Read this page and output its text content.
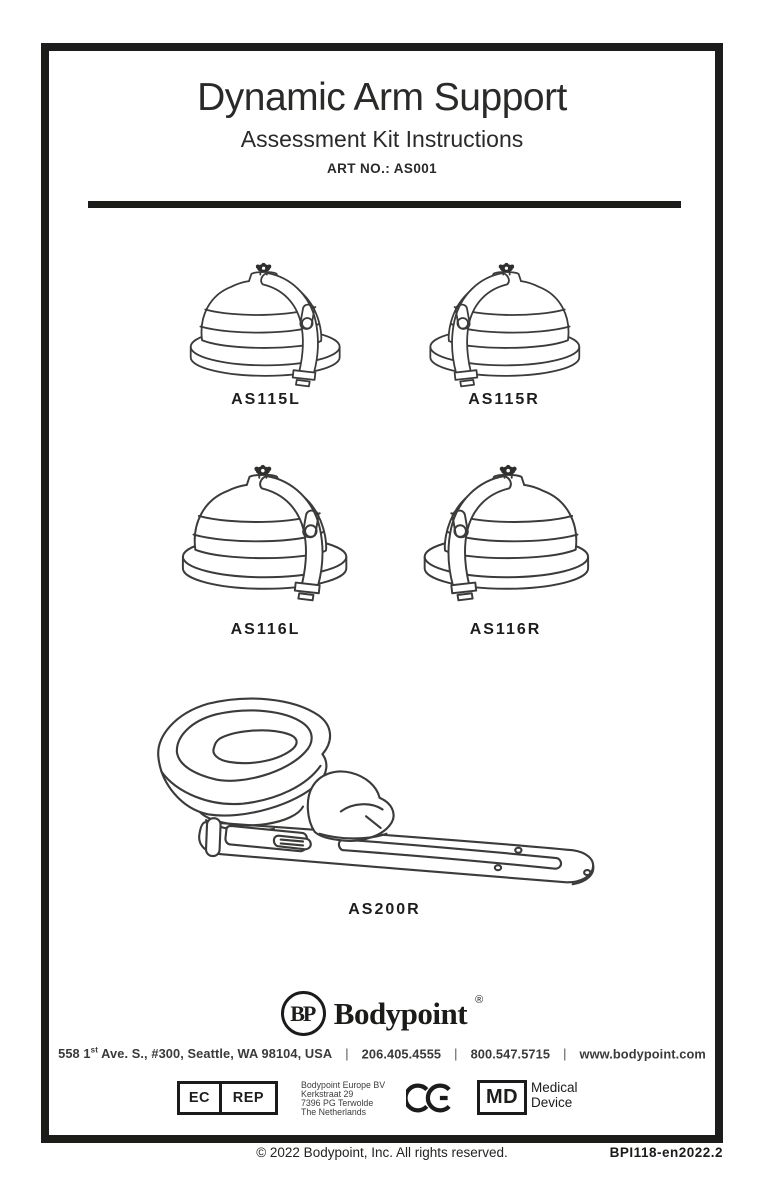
Dynamic Arm Support
Assessment Kit Instructions
ART NO.: AS001
AS115L	AS115R
AS116L	AS116R
AS200R
BP Bodypoint ®
558 1st Ave. S., #300, Seattle, WA 98104, USA | 206.405.4555 | 800.547.5715 | www.bodypoint.com
EC	REP
Bodypoint Europe BV
Kerkstraat 29
7396 PG Terwolde
The Netherlands
MD Medical
Device
© 2022 Bodypoint, Inc. All rights reserved.	BPI118-en2022.2
